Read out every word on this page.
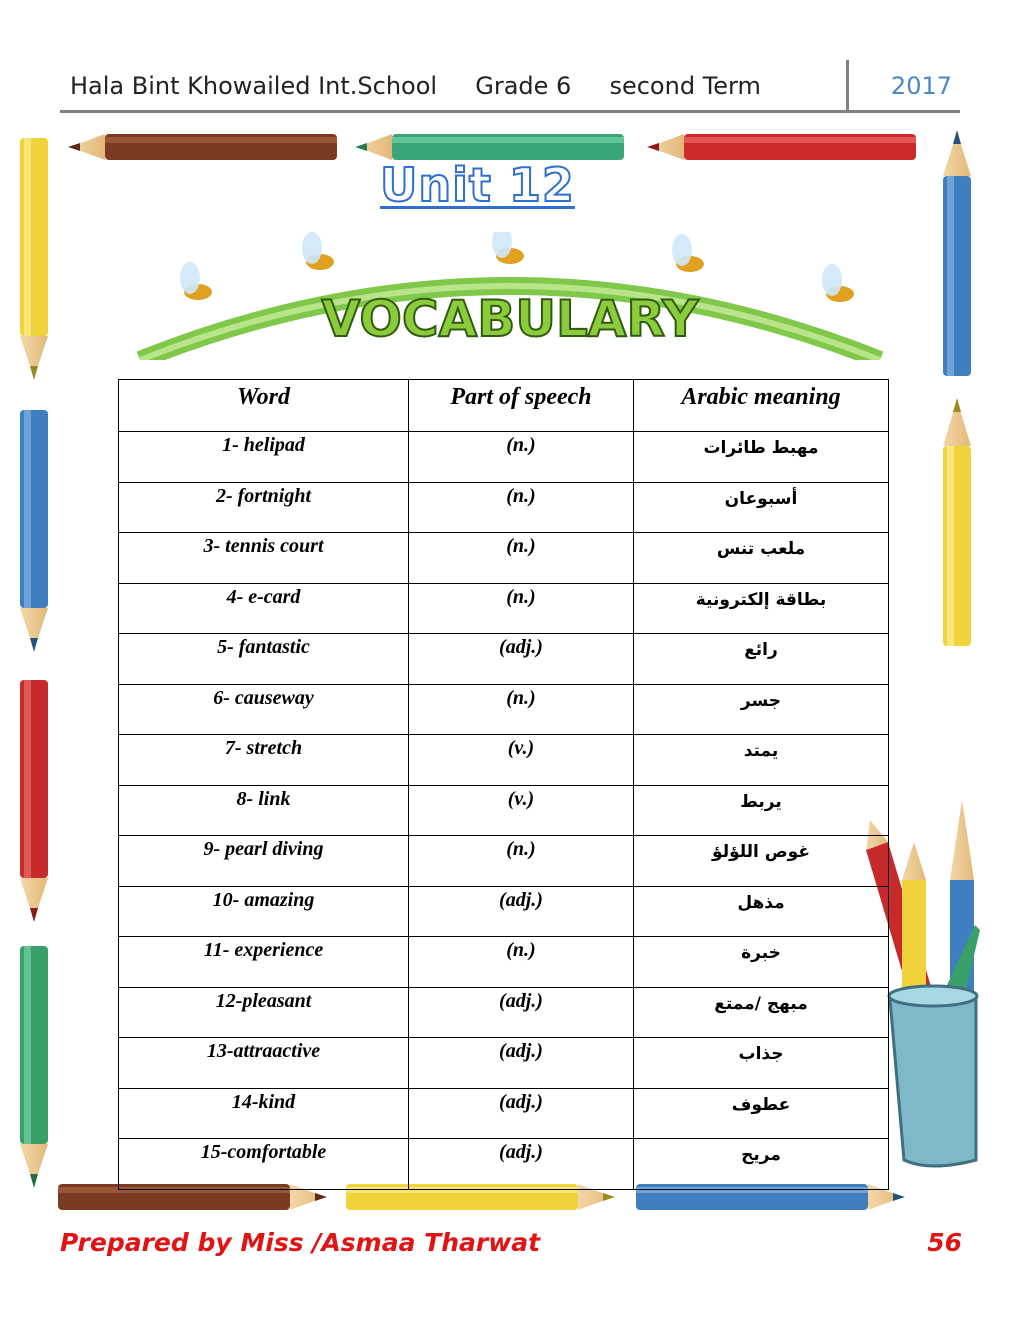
Hala Bint Khowailed Int.School Grade 6 second Term	2017
Unit 12
VOCABULARY
Word	Part of speech	Arabic meaning
1- helipad	(n.)	مهبط طائرات
2- fortnight	(n.)	أسبوعان
3- tennis court	(n.)	ملعب تنس
4- e-card	(n.)	بطاقة إلكترونية
5- fantastic	(adj.)	رائع
6- causeway	(n.)	جسر
7- stretch	(v.)	يمتد
8- link	(v.)	يربط
9- pearl diving	(n.)	غوص اللؤلؤ
10- amazing	(adj.)	مذهل
11- experience	(n.)	خبرة
12-pleasant	(adj.)	مبهج /ممتع
13-attraactive	(adj.)	جذاب
14-kind	(adj.)	عطوف
15-comfortable	(adj.)	مريح
Prepared by Miss /Asmaa Tharwat	56
